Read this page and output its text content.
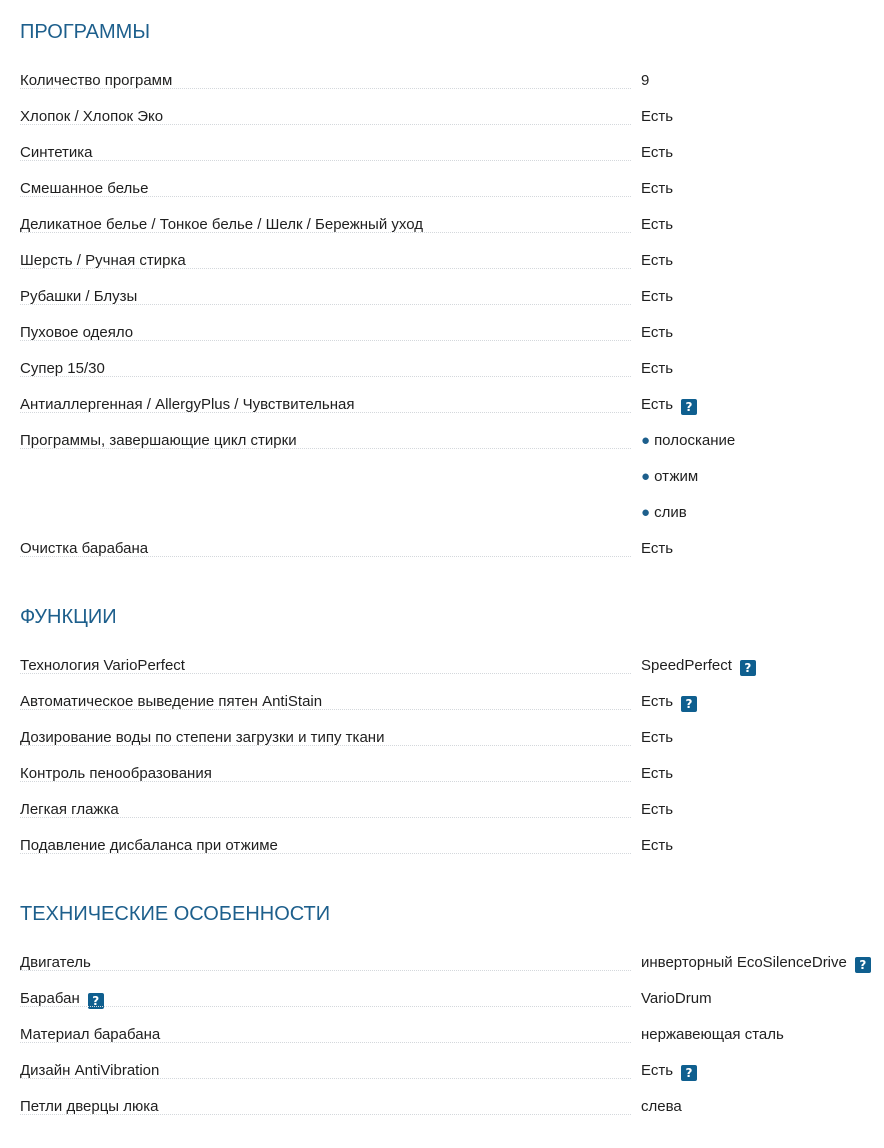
ПРОГРАММЫ
Количество программ	9
Хлопок / Хлопок Эко	Есть
Синтетика	Есть
Смешанное белье	Есть
Деликатное белье / Тонкое белье / Шелк / Бережный уход	Есть
Шерсть / Ручная стирка	Есть
Рубашки / Блузы	Есть
Пуховое одеяло	Есть
Супер 15/30	Есть
Антиаллергенная / AllergyPlus / Чувствительная	Есть ?
Программы, завершающие цикл стирки	● полоскание
● отжим
● слив
Очистка барабана	Есть
ФУНКЦИИ
Технология VarioPerfect	SpeedPerfect ?
Автоматическое выведение пятен AntiStain	Есть ?
Дозирование воды по степени загрузки и типу ткани	Есть
Контроль пенообразования	Есть
Легкая глажка	Есть
Подавление дисбаланса при отжиме	Есть
ТЕХНИЧЕСКИЕ ОСОБЕННОСТИ
Двигатель	инверторный EcoSilenceDrive ?
Барабан ?	VarioDrum
Материал барабана	нержавеющая сталь
Дизайн AntiVibration	Есть ?
Петли дверцы люка	слева
